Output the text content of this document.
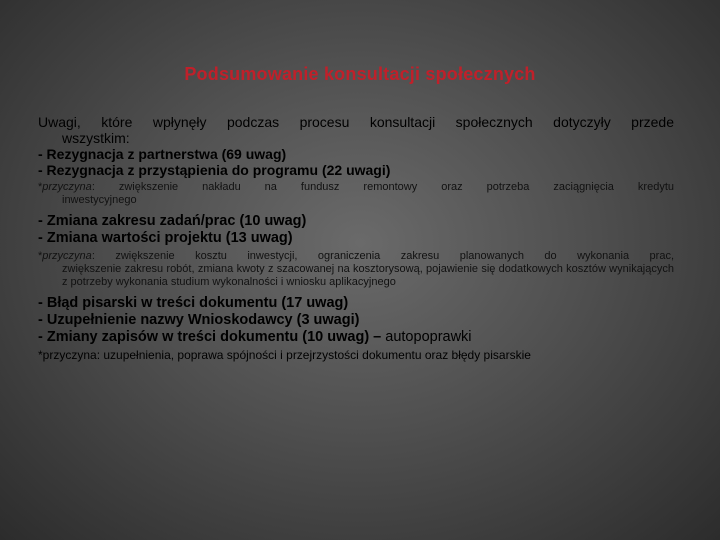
Podsumowanie konsultacji społecznych
Uwagi, które wpłynęły podczas procesu konsultacji społecznych dotyczyły przede
wszystkim:
- Rezygnacja z partnerstwa (69 uwag)
- Rezygnacja z przystąpienia do programu (22 uwagi)
*przyczyna: zwiększenie nakładu na fundusz remontowy oraz potrzeba zaciągnięcia kredytu
inwestycyjnego
- Zmiana zakresu zadań/prac (10 uwag)
- Zmiana wartości projektu (13 uwag)
*przyczyna: zwiększenie kosztu inwestycji, ograniczenia zakresu planowanych do wykonania prac,
zwiększenie zakresu robót, zmiana kwoty z szacowanej na kosztorysową, pojawienie się dodatkowych kosztów wynikających z potrzeby wykonania studium wykonalności i wniosku aplikacyjnego
- Błąd pisarski w treści dokumentu (17 uwag)
- Uzupełnienie nazwy Wnioskodawcy (3 uwagi)
- Zmiany zapisów w treści dokumentu (10 uwag) – autopoprawki
*przyczyna: uzupełnienia, poprawa spójności i przejrzystości dokumentu oraz błędy pisarskie
